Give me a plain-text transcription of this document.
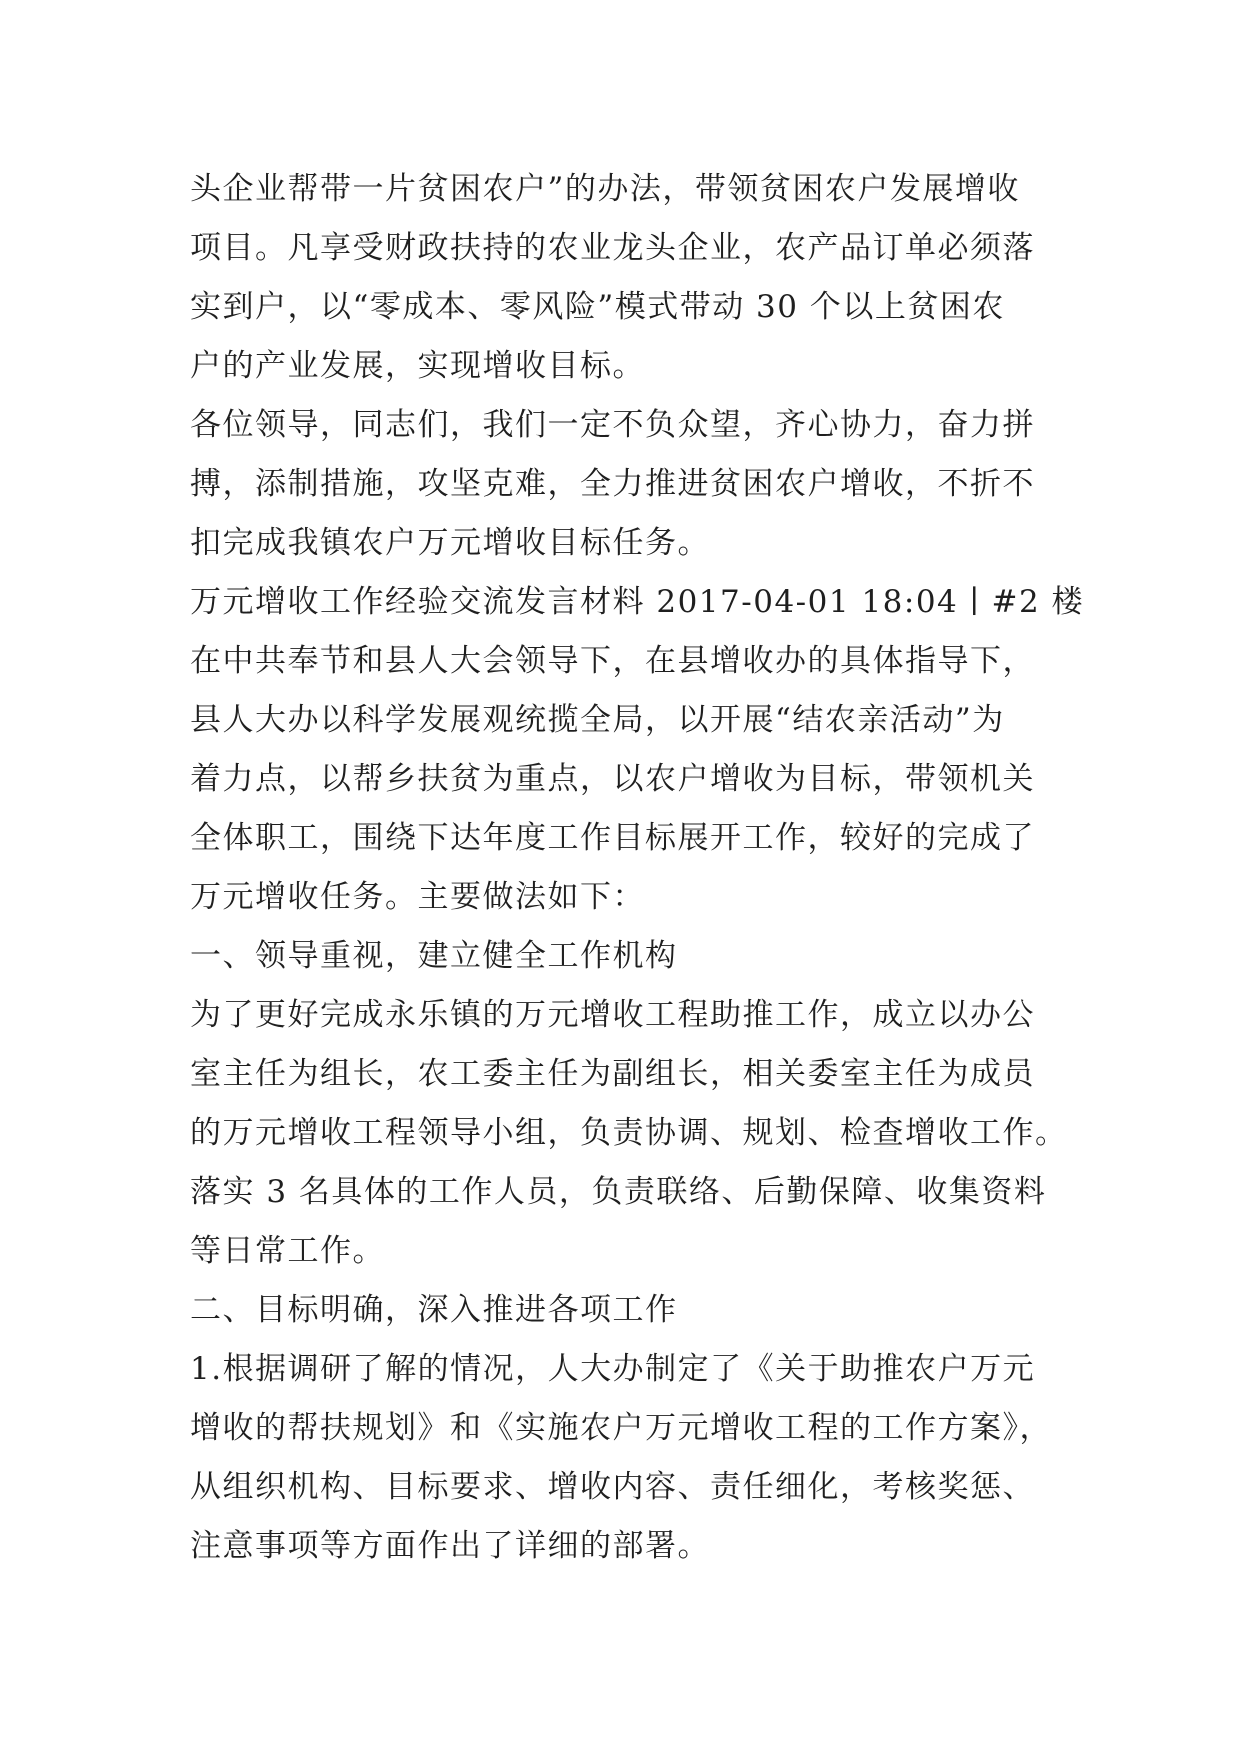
头企业帮带一片贫困农户”的办法，带领贫困农户发展增收
项目。凡享受财政扶持的农业龙头企业，农产品订单必须落
实到户，以“零成本、零风险”模式带动 30 个以上贫困农
户的产业发展，实现增收目标。
各位领导，同志们，我们一定不负众望，齐心协力，奋力拼
搏，添制措施，攻坚克难，全力推进贫困农户增收，不折不
扣完成我镇农户万元增收目标任务。
万元增收工作经验交流发言材料 2017-04-01 18:04 ∣ #2 楼
在中共奉节和县人大会领导下，在县增收办的具体指导下，
县人大办以科学发展观统揽全局，以开展“结农亲活动”为
着力点，以帮乡扶贫为重点，以农户增收为目标，带领机关
全体职工，围绕下达年度工作目标展开工作，较好的完成了
万元增收任务。主要做法如下：
一、领导重视，建立健全工作机构
为了更好完成永乐镇的万元增收工程助推工作，成立以办公
室主任为组长，农工委主任为副组长，相关委室主任为成员
的万元增收工程领导小组，负责协调、规划、检查增收工作。
落实 3 名具体的工作人员，负责联络、后勤保障、收集资料
等日常工作。
二、目标明确，深入推进各项工作
1.根据调研了解的情况，人大办制定了《关于助推农户万元
增收的帮扶规划》和《实施农户万元增收工程的工作方案》，
从组织机构、目标要求、增收内容、责任细化，考核奖惩、
注意事项等方面作出了详细的部署。
